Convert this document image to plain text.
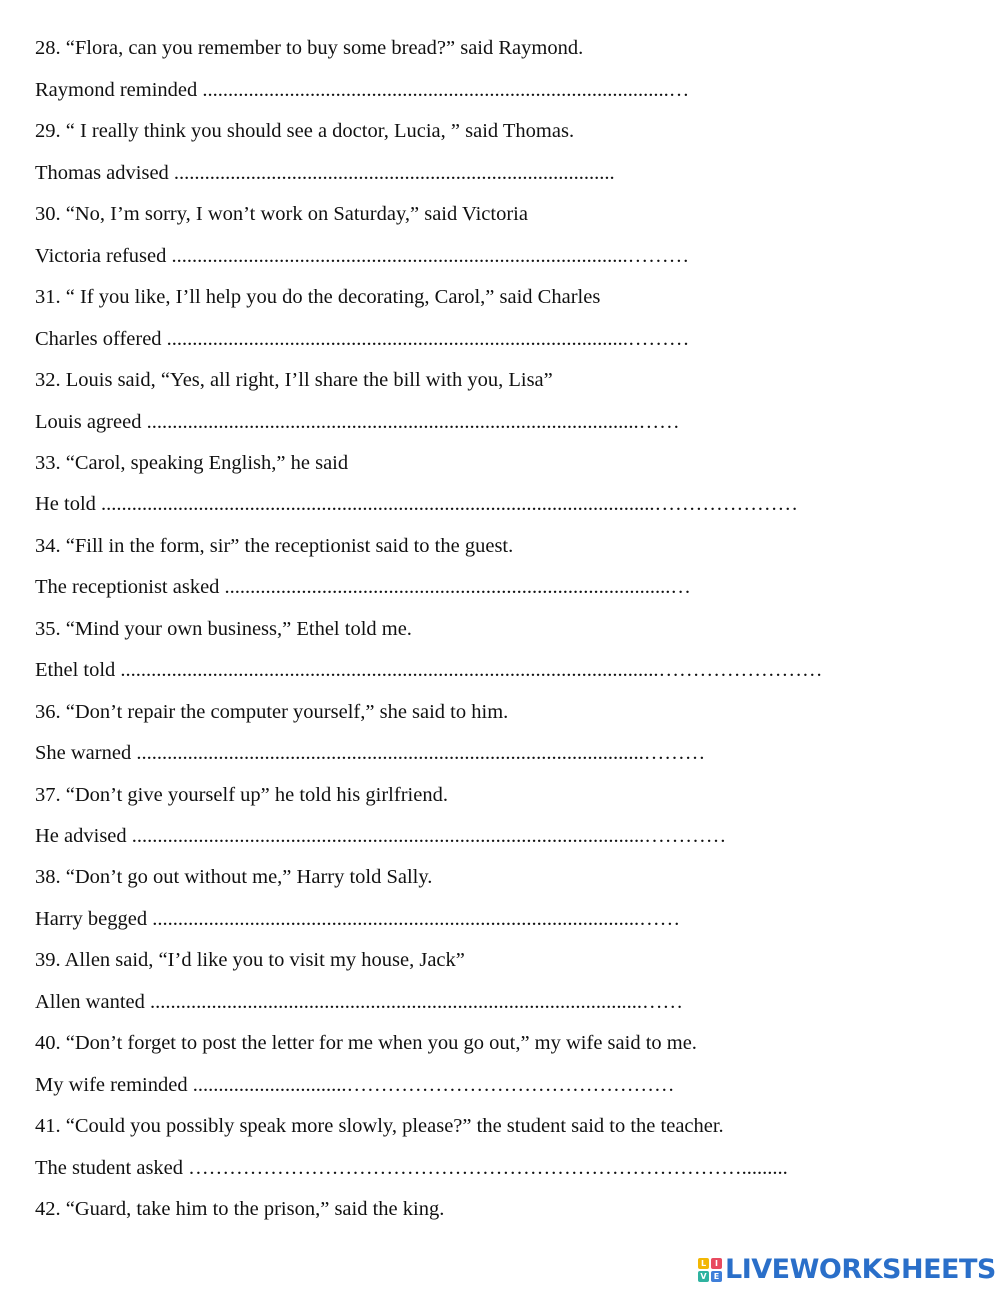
28. “Flora, can you remember to buy some bread?” said Raymond.
Raymond reminded ...........................................................................................…
29. “ I really think you should see a doctor, Lucia, ” said Thomas.
Thomas advised ......................................................................................
30. “No, I’m sorry, I won’t work on Saturday,” said Victoria
Victoria refused .........................................................................................………
31. “ If you like, I’ll help you do the decorating, Carol,” said Charles
Charles offered ..........................................................................................………
32. Louis said, “Yes, all right, I’ll share the bill with you, Lisa”
Louis agreed ................................................................................................……
33. “Carol, speaking English,” he said
He told ............................................................................................................…………………
34. “Fill in the form, sir” the receptionist said to the guest.
The receptionist asked .......................................................................................…
35. “Mind your own business,” Ethel told me.
Ethel told .........................................................................................................……………………
36. “Don’t repair the computer yourself,” she said to him.
She warned ...................................................................................................………
37. “Don’t give yourself up” he told his girlfriend.
He advised ....................................................................................................…………
38. “Don’t go out without me,” Harry told Sally.
Harry begged ...............................................................................................……
39. Allen said, “I’d like you to visit my house, Jack”
Allen wanted ................................................................................................……
40. “Don’t forget to post the letter for me when you go out,” my wife said to me.
My wife reminded ..............................…………………………………………
41. “Could you possibly speak more slowly, please?” the student said to the teacher.
The student asked ……………………………………………………………………….........
42. “Guard, take him to the prison,” said the king.
L	I
V E LIVEWORKSHEETS
